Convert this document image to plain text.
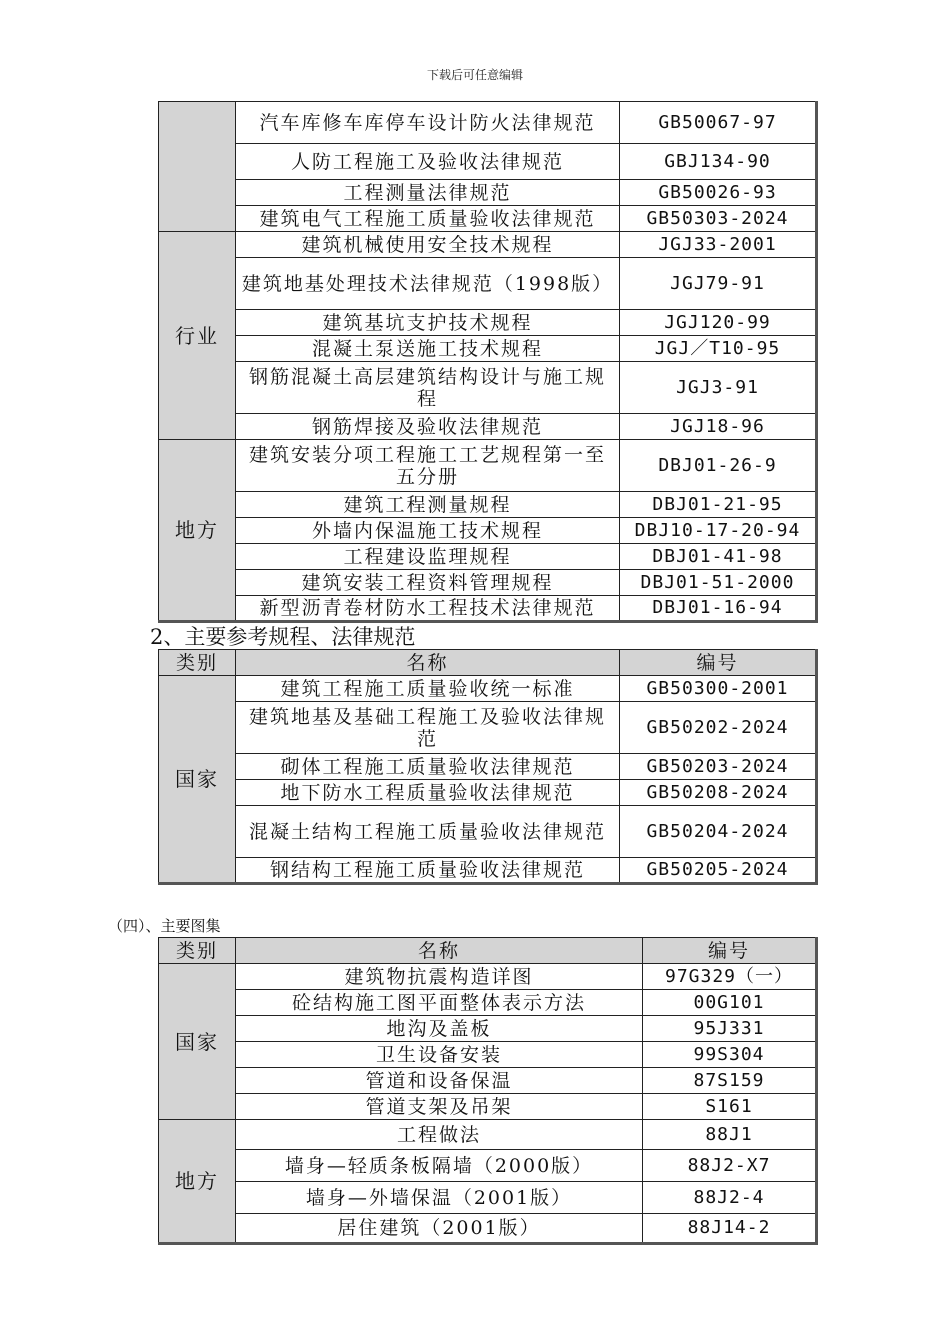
下载后可任意编辑
	汽车库修车库停车设计防火法律规范	GB50067-97
	人防工程施工及验收法律规范	GBJ134-90
	工程测量法律规范	GB50026-93
	建筑电气工程施工质量验收法律规范	GB50303-2024
行业	建筑机械使用安全技术规程	JGJ33-2001
	建筑地基处理技术法律规范（1998版）	JGJ79-91
	建筑基坑支护技术规程	JGJ120-99
	混凝土泵送施工技术规程	JGJ／T10-95
	钢筋混凝土高层建筑结构设计与施工规程	JGJ3-91
	钢筋焊接及验收法律规范	JGJ18-96
地方	建筑安装分项工程施工工艺规程第一至五分册	DBJ01-26-9
	建筑工程测量规程	DBJ01-21-95
	外墙内保温施工技术规程	DBJ10-17-20-94
	工程建设监理规程	DBJ01-41-98
	建筑安装工程资料管理规程	DBJ01-51-2000
	新型沥青卷材防水工程技术法律规范	DBJ01-16-94
2、主要参考规程、法律规范
类别	名称	编号
国家	建筑工程施工质量验收统一标准	GB50300-2001
	建筑地基及基础工程施工及验收法律规范	GB50202-2024
	砌体工程施工质量验收法律规范	GB50203-2024
	地下防水工程质量验收法律规范	GB50208-2024
	混凝土结构工程施工质量验收法律规范	GB50204-2024
	钢结构工程施工质量验收法律规范	GB50205-2024
（四）、主要图集
类别	名称	编号
国家	建筑物抗震构造详图	97G329（一）
	砼结构施工图平面整体表示方法	00G101
	地沟及盖板	95J331
	卫生设备安装	99S304
	管道和设备保温	87S159
	管道支架及吊架	S161
地方	工程做法	88J1
	墙身—轻质条板隔墙（2000版）	88J2-X7
	墙身—外墙保温（2001版）	88J2-4
	居住建筑（2001版）	88J14-2
